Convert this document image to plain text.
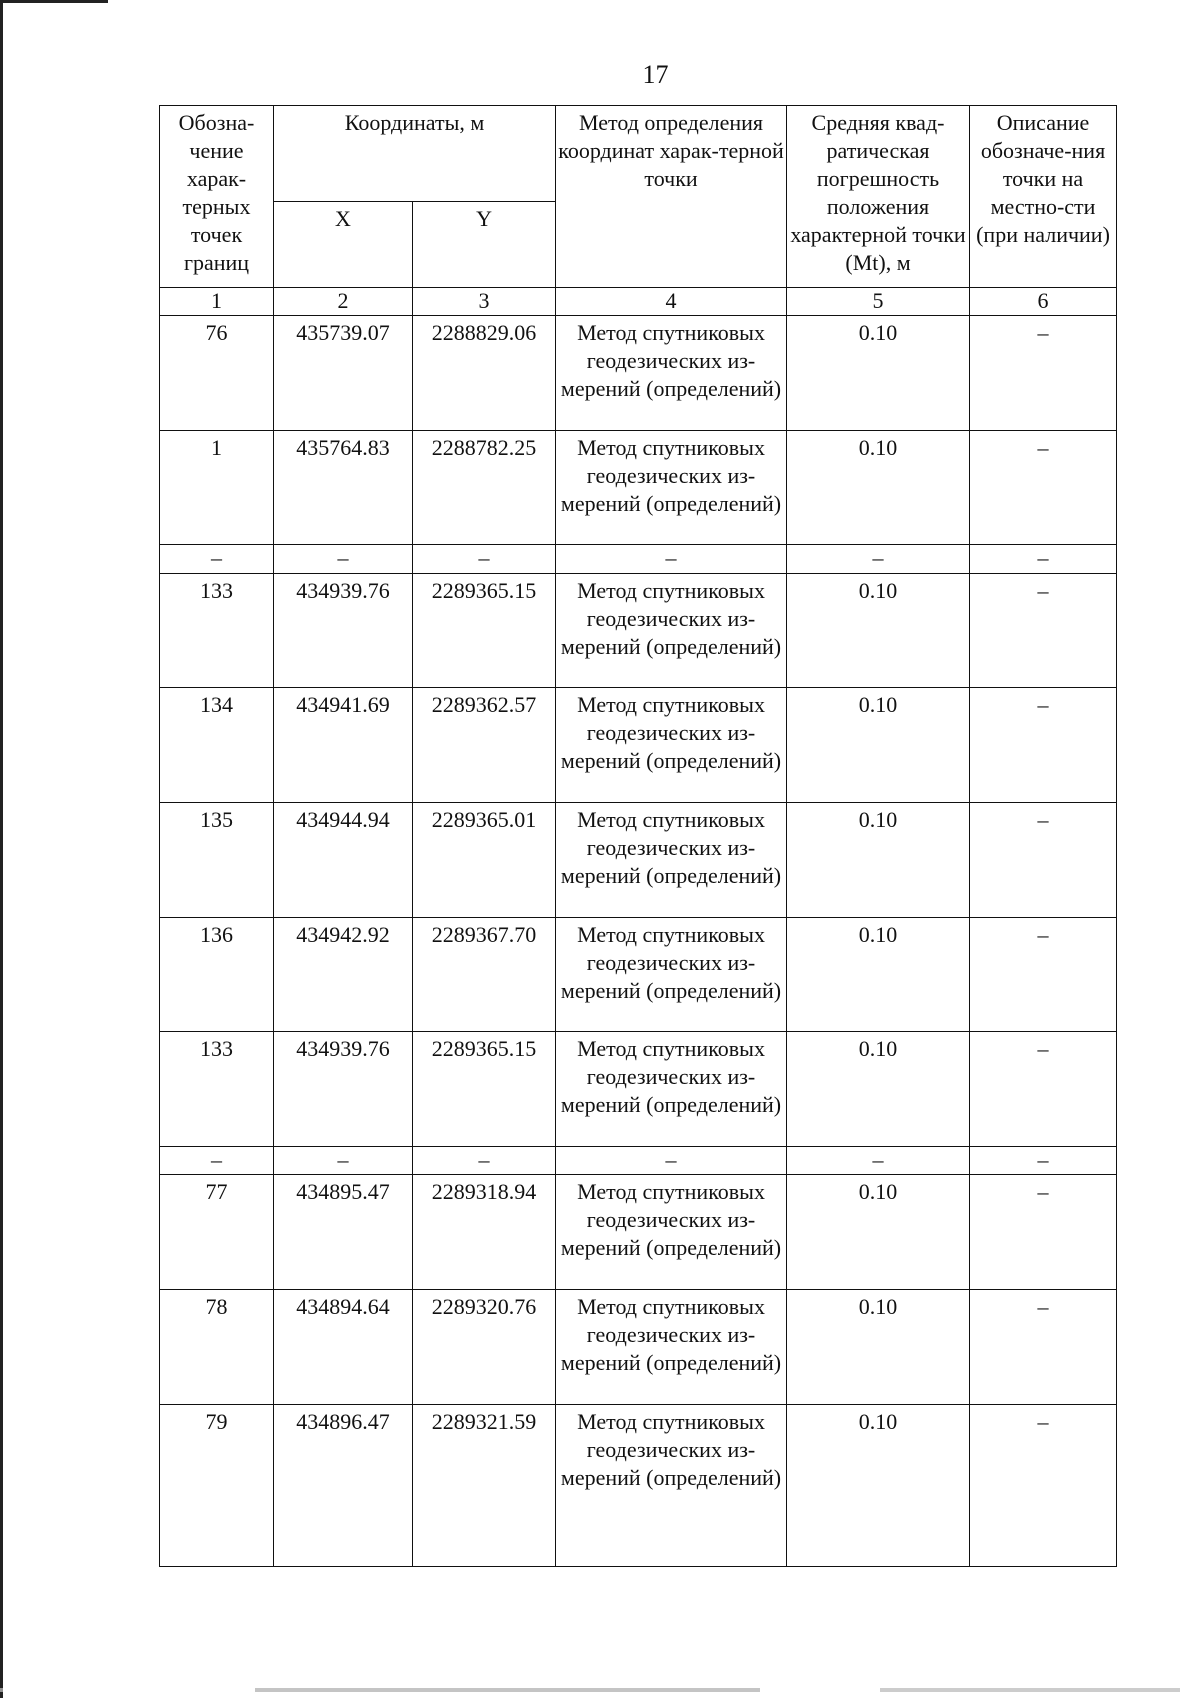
17
Обозна-чение харак-терных точек границ	Координаты, м		Метод определения координат харак-терной точки	Средняя квад-ратическая погрешность положения характерной точки (Mt), м	Описание обозначе-ния точки на местно-сти (при наличии)
	X	Y			
1	2	3	4	5	6
76	435739.07	2288829.06	Метод спутниковых геодезических из-мерений (определений)	0.10	–
1	435764.83	2288782.25	Метод спутниковых геодезических из-мерений (определений)	0.10	–
–	–	–	–	–	–
133	434939.76	2289365.15	Метод спутниковых геодезических из-мерений (определений)	0.10	–
134	434941.69	2289362.57	Метод спутниковых геодезических из-мерений (определений)	0.10	–
135	434944.94	2289365.01	Метод спутниковых геодезических из-мерений (определений)	0.10	–
136	434942.92	2289367.70	Метод спутниковых геодезических из-мерений (определений)	0.10	–
133	434939.76	2289365.15	Метод спутниковых геодезических из-мерений (определений)	0.10	–
–	–	–	–	–	–
77	434895.47	2289318.94	Метод спутниковых геодезических из-мерений (определений)	0.10	–
78	434894.64	2289320.76	Метод спутниковых геодезических из-мерений (определений)	0.10	–
79	434896.47	2289321.59	Метод спутниковых геодезических из-мерений (определений)	0.10	–
